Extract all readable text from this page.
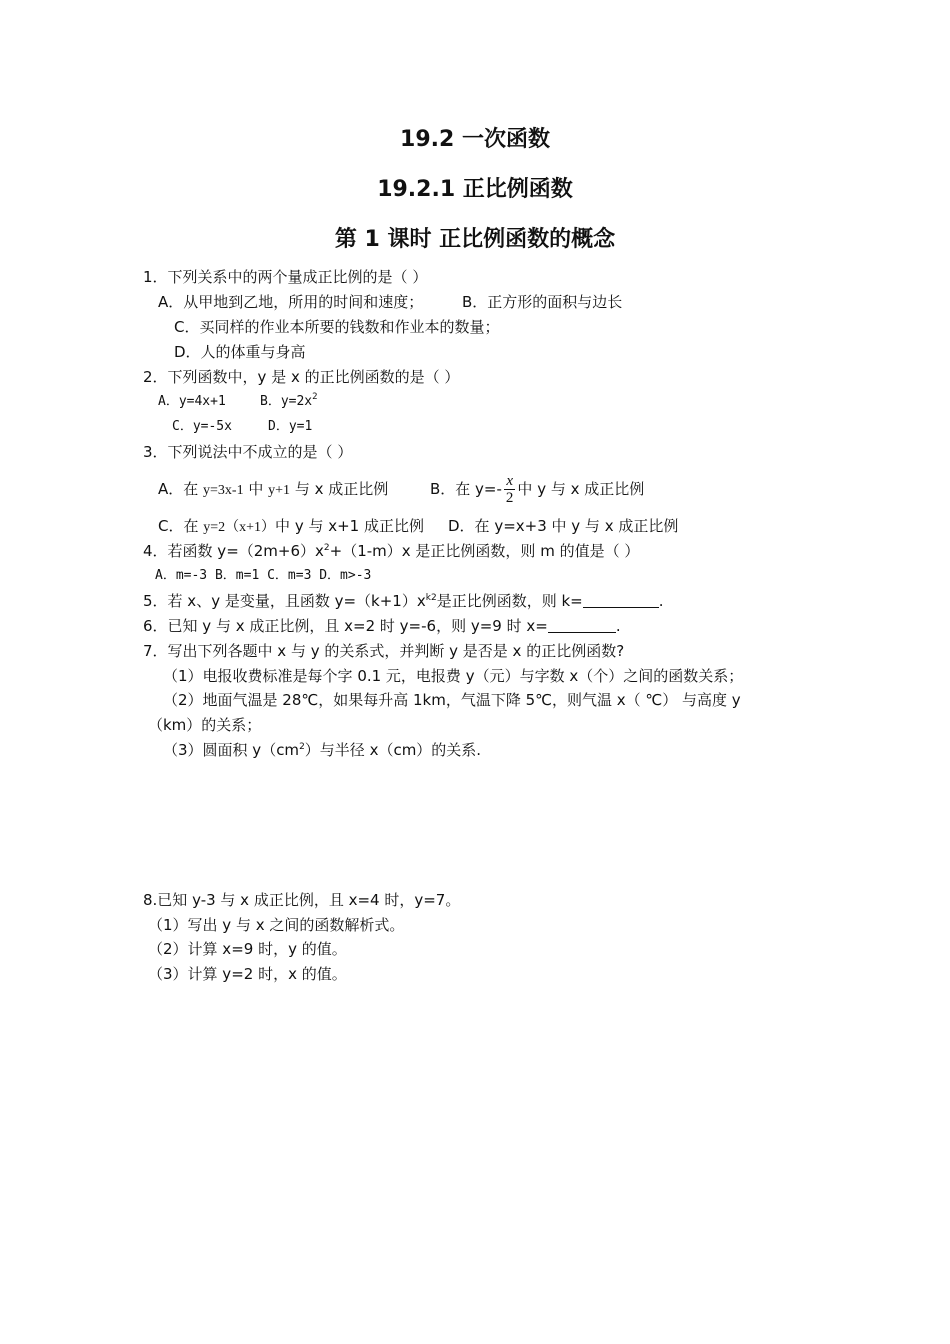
19.2 一次函数
19.2.1 正比例函数
第 1 课时 正比例函数的概念
1．下列关系中的两个量成正比例的是（ ）
A．从甲地到乙地，所用的时间和速度；	B．正方形的面积与边长
C．买同样的作业本所要的钱数和作业本的数量；
D．人的体重与身高
2．下列函数中，y 是 x 的正比例函数的是（ ）
A．y=4x+1	B．$y=2x^2$
C．y=-5x	D．y=1
3．下列说法中不成立的是（ ）
A．在 y=3x-1 中 y+1 与 x 成正比例	B．在 $y=- \frac{x}{2}$ 中 y 与 x 成正比例
C．在 y=2（x+1）中 y 与 x+1 成正比例 D．在 y=x+3 中 y 与 x 成正比例
4．若函数 $y=(2m+6)x^2+(1-m)x$ 是正比例函数，则 m 的值是（ ）
A．m=-3 B．m=1 C．m=3 D．m>-3
5．若 x、y 是变量，且函数 $y=(k+1)x^{k2}$是正比例函数，则 k=	.
6．已知 y 与 x 成正比例，且 x=2 时 y=-6，则 y=9 时 x=	.
7．写出下列各题中 x 与 y 的关系式，并判断 y 是否是 x 的正比例函数?
（1）电报收费标准是每个字 0.1 元，电报费 y（元）与字数 x（个）之间的函数关系；
（2）地面气温是 28℃，如果每升高 1km，气温下降 5℃，则气温 x（ ℃） 与高度 y
（km）的关系；
（3）圆面积 $y(cm^2)$与半径 x（cm）的关系.
8.已知 y-3 与 x 成正比例，且 x=4 时，y=7。
（1）写出 y 与 x 之间的函数解析式。
（2）计算 x=9 时，y 的值。
（3）计算 y=2 时，x 的值。
